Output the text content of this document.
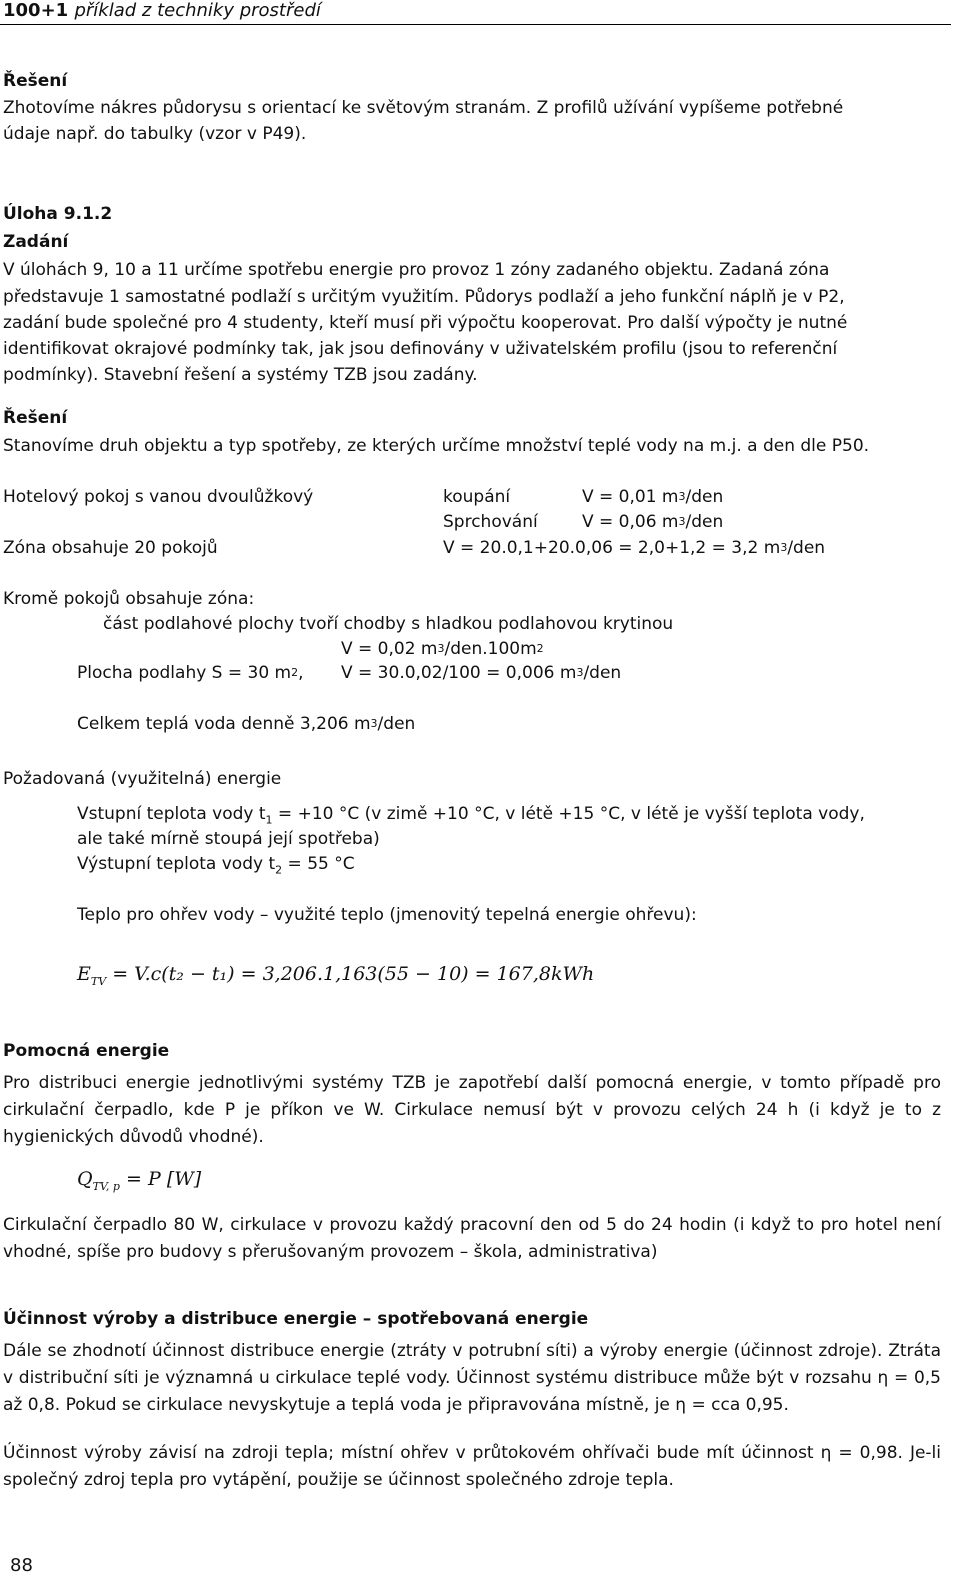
100+1 příklad z techniky prostředí
Řešení
Zhotovíme nákres půdorysu s orientací ke světovým stranám. Z profilů užívání vypíšeme potřebné
údaje např. do tabulky (vzor v P49).
Úloha 9.1.2
Zadání
V úlohách 9, 10 a 11 určíme spotřebu energie pro provoz 1 zóny zadaného objektu. Zadaná zóna
představuje 1 samostatné podlaží s určitým využitím. Půdorys podlaží a jeho funkční náplň je v P2,
zadání bude společné pro 4 studenty, kteří musí při výpočtu kooperovat. Pro další výpočty je nutné
identifikovat okrajové podmínky tak, jak jsou definovány v uživatelském profilu (jsou to referenční
podmínky). Stavební řešení a systémy TZB jsou zadány.
Řešení
Stanovíme druh objektu a typ spotřeby, ze kterých určíme množství teplé vody na m.j. a den dle P50.
Hotelový pokoj s vanou dvoulůžkový	koupání	V = 0,01 $m^3$/den
Sprchování	V = 0,06 $m^3$/den
Zóna obsahuje 20 pokojů	V = 20.0,1+20.0,06 = 2,0+1,2 = 3,2 $m^3$/den
Kromě pokojů obsahuje zóna:
část podlahové plochy tvoří chodby s hladkou podlahovou krytinou
V = 0,02 $m^3/den.100m^2$
Plocha podlahy S = 30 $m^2$, V = 30.0,02/100 = 0,006 $m^3$/den
Celkem teplá voda denně 3,206 $m^3$/den
Požadovaná (využitelná) energie
Vstupní teplota vody $t_1 = +10$ °C (v zimě +10 °C, v létě +15 °C, v létě je vyšší teplota vody,
ale také mírně stoupá její spotřeba)
Výstupní teplota vody $t_2 = 55$ °C
Teplo pro ohřev vody – využité teplo (jmenovitý tepelná energie ohřevu):
$E_{TV} = V.c(t_2 - t_1) = 3,206.1,163(55 - 10) = 167,8kWh$
Pomocná energie
Pro distribuci energie jednotlivými systémy TZB je zapotřebí další pomocná energie, v tomto případě pro cirkulační čerpadlo, kde P je příkon ve W. Cirkulace nemusí být v provozu celých 24 h (i když je to z hygienických důvodů vhodné).
$Q_{TV, p} = P$ [W]
Cirkulační čerpadlo 80 W, cirkulace v provozu každý pracovní den od 5 do 24 hodin (i když to pro hotel není vhodné, spíše pro budovy s přerušovaným provozem – škola, administrativa)
Účinnost výroby a distribuce energie – spotřebovaná energie
Dále se zhodnotí účinnost distribuce energie (ztráty v potrubní síti) a výroby energie (účinnost zdroje). Ztráta v distribuční síti je významná u cirkulace teplé vody. Účinnost systému distribuce může být v rozsahu η = 0,5 až 0,8. Pokud se cirkulace nevyskytuje a teplá voda je připravována místně, je η = cca 0,95.
Účinnost výroby závisí na zdroji tepla; místní ohřev v průtokovém ohřívači bude mít účinnost η = 0,98. Je-li společný zdroj tepla pro vytápění, použije se účinnost společného zdroje tepla.
88
